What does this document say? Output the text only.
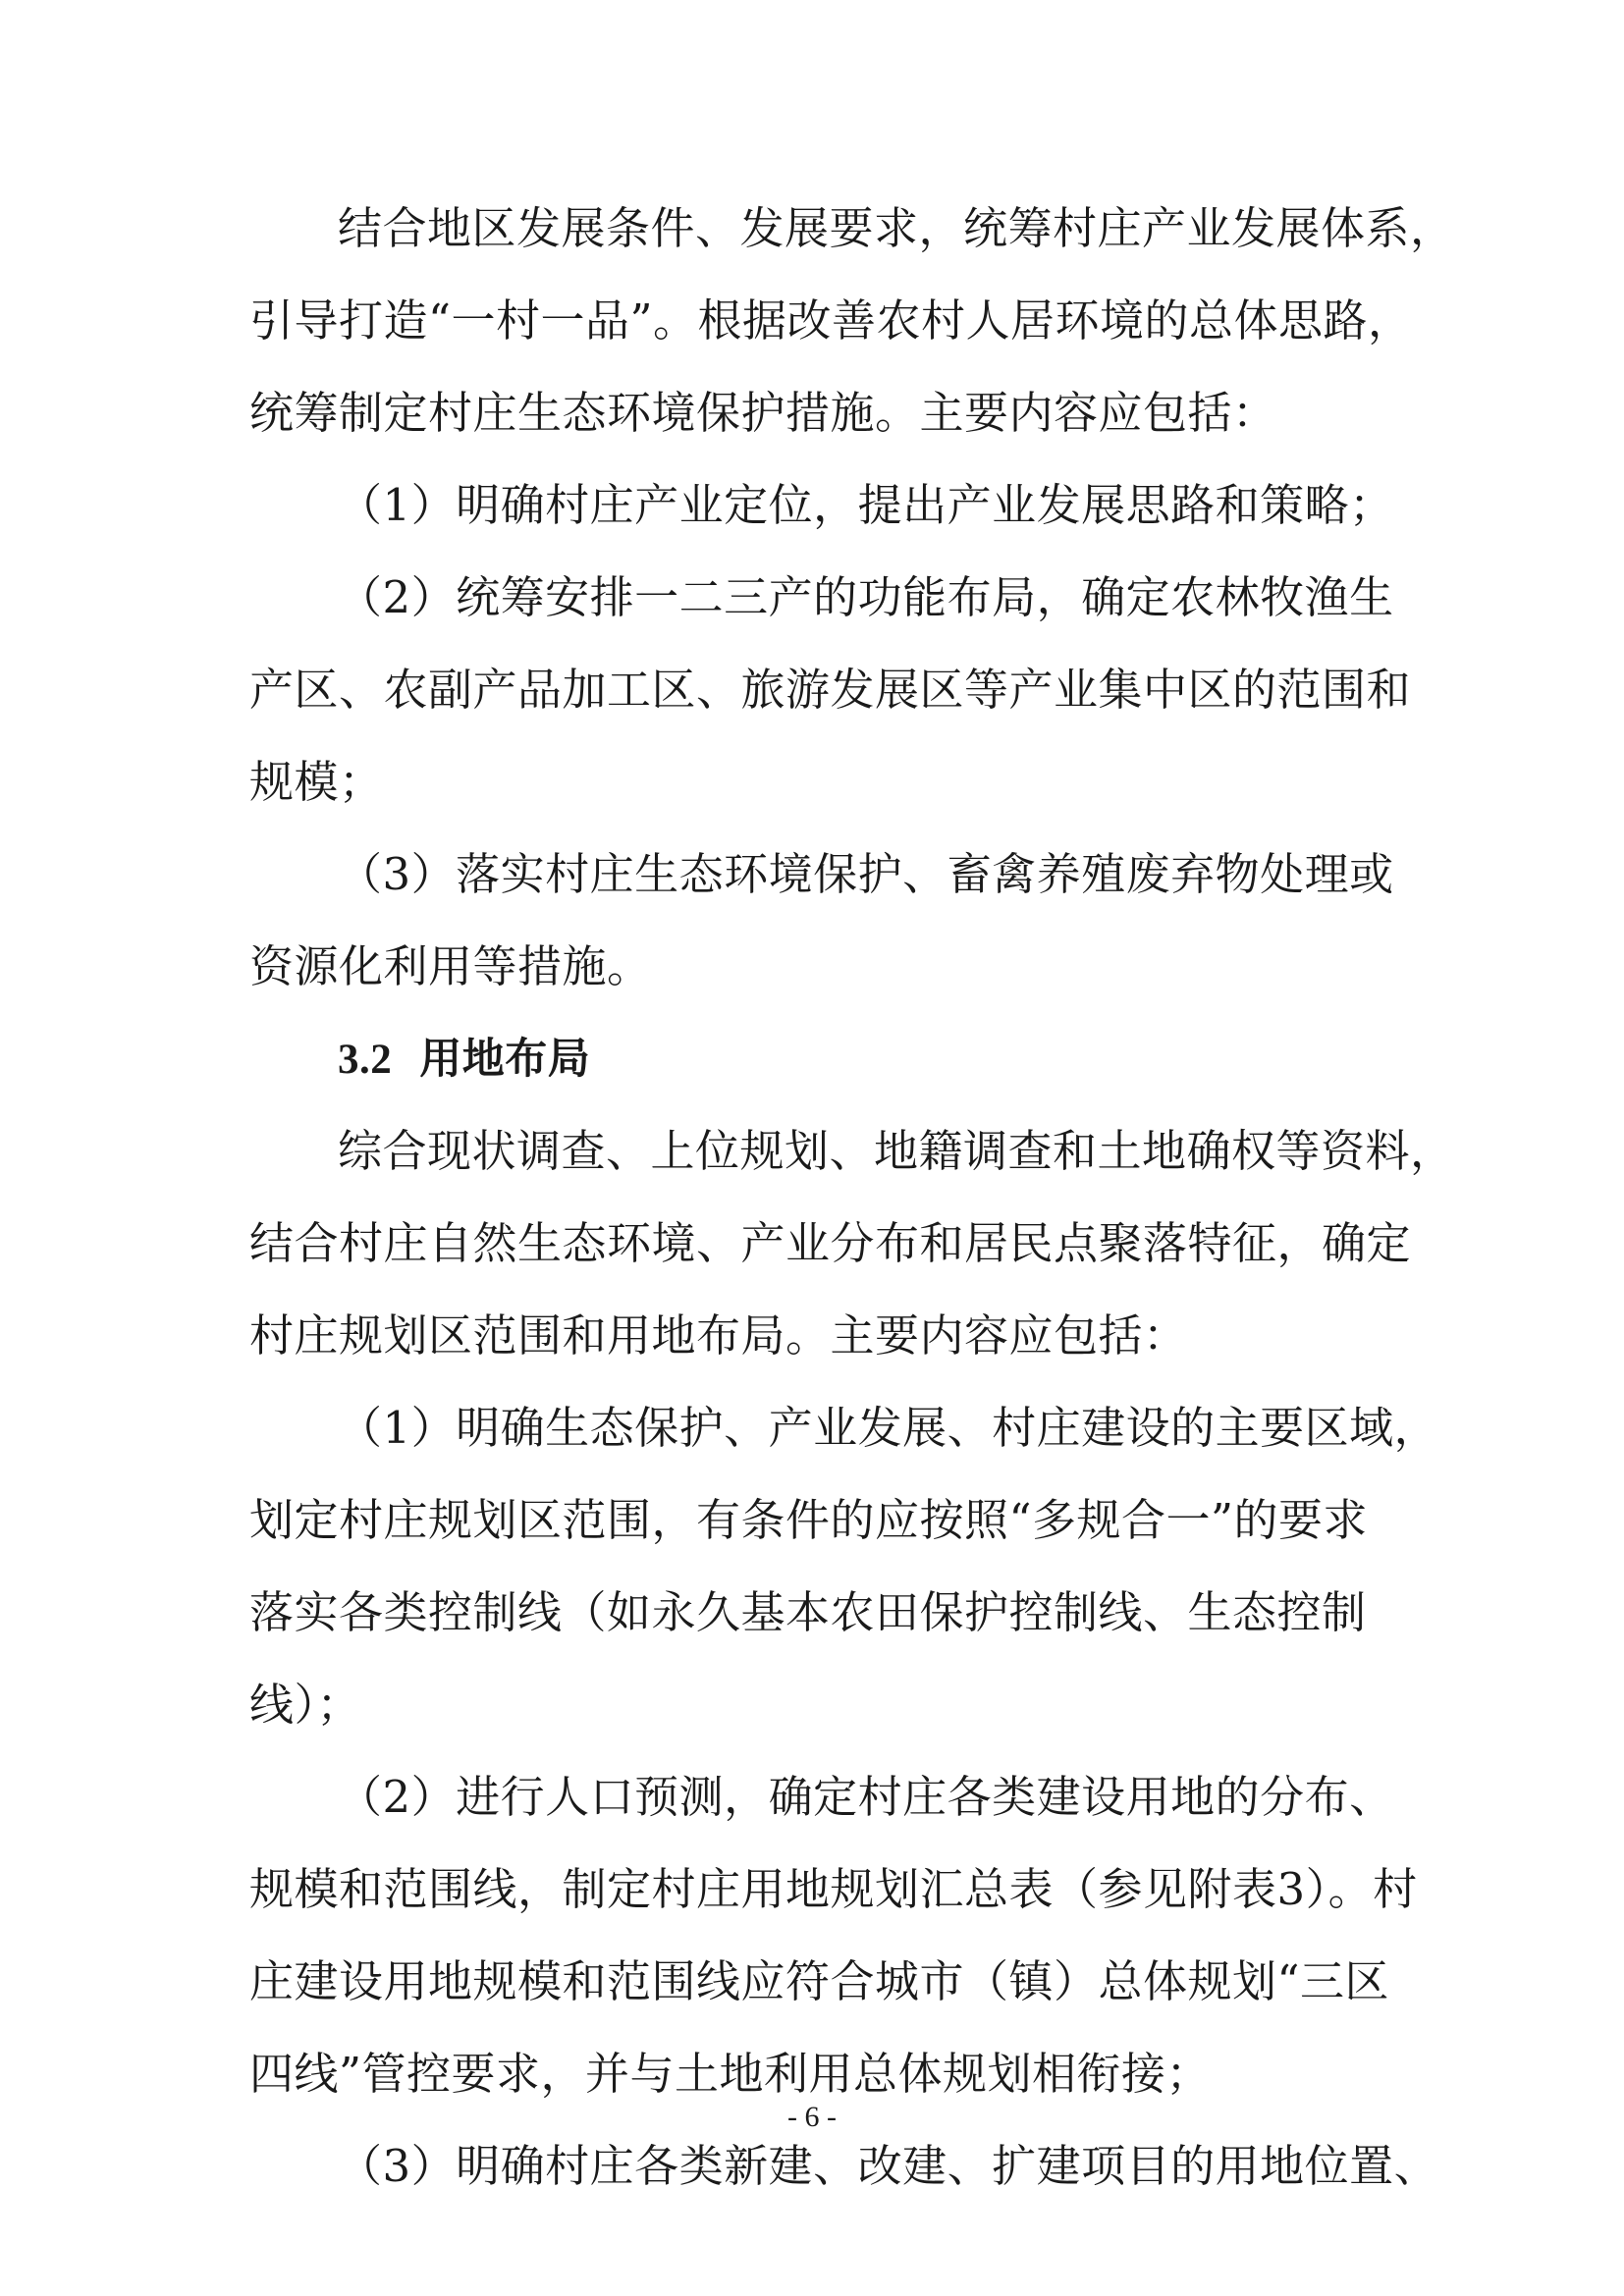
结合地区发展条件、发展要求，统筹村庄产业发展体系，
引导打造“一村一品”。根据改善农村人居环境的总体思路，
统筹制定村庄生态环境保护措施。主要内容应包括：
（1）明确村庄产业定位，提出产业发展思路和策略；
（2）统筹安排一二三产的功能布局，确定农林牧渔生
产区、农副产品加工区、旅游发展区等产业集中区的范围和
规模；
（3）落实村庄生态环境保护、畜禽养殖废弃物处理或
资源化利用等措施。
3.2 用地布局
综合现状调查、上位规划、地籍调查和土地确权等资料，
结合村庄自然生态环境、产业分布和居民点聚落特征，确定
村庄规划区范围和用地布局。主要内容应包括：
（1）明确生态保护、产业发展、村庄建设的主要区域，
划定村庄规划区范围，有条件的应按照“多规合一”的要求
落实各类控制线（如永久基本农田保护控制线、生态控制
线）；
（2）进行人口预测，确定村庄各类建设用地的分布、
规模和范围线，制定村庄用地规划汇总表（参见附表3）。村
庄建设用地规模和范围线应符合城市（镇）总体规划“三区
四线”管控要求，并与土地利用总体规划相衔接；
（3）明确村庄各类新建、改建、扩建项目的用地位置、
- 6 -
